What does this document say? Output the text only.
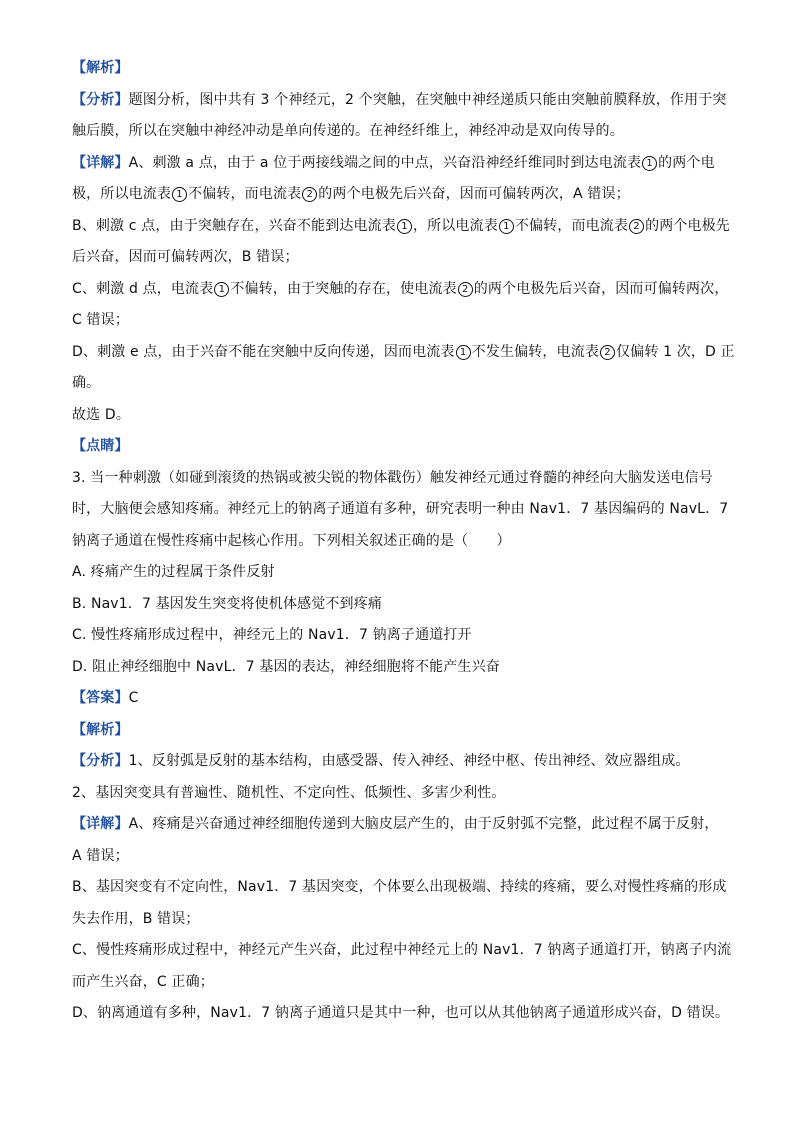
【解析】
【分析】题图分析，图中共有 3 个神经元，2 个突触，在突触中神经递质只能由突触前膜释放，作用于突
触后膜，所以在突触中神经冲动是单向传递的。在神经纤维上，神经冲动是双向传导的。
【详解】A、刺激 a 点，由于 a 位于两接线端之间的中点，兴奋沿神经纤维同时到达电流表 1 的两个电
极，所以电流表 1 不偏转，而电流表 2 的两个电极先后兴奋，因而可偏转两次，A 错误；
B、刺激 c 点，由于突触存在，兴奋不能到达电流表 1 ，所以电流表 1 不偏转，而电流表 2 的两个电极先
后兴奋，因而可偏转两次，B 错误；
C、刺激 d 点，电流表 1 不偏转，由于突触的存在，使电流表 2 的两个电极先后兴奋，因而可偏转两次，
C 错误；
D、刺激 e 点，由于兴奋不能在突触中反向传递，因而电流表 1 不发生偏转，电流表 2 仅偏转 1 次，D 正
确。
故选 D。
【点睛】
3. 当一种刺激（如碰到滚烫的热锅或被尖锐的物体戳伤）触发神经元通过脊髓的神经向大脑发送电信号
时，大脑便会感知疼痛。神经元上的钠离子通道有多种，研究表明一种由 Nav1．7 基因编码的 NavL．7
钠离子通道在慢性疼痛中起核心作用。下列相关叙述正确的是（　　）
A. 疼痛产生的过程属于条件反射
B. Nav1．7 基因发生突变将使机体感觉不到疼痛
C. 慢性疼痛形成过程中，神经元上的 Nav1．7 钠离子通道打开
D. 阻止神经细胞中 NavL．7 基因的表达，神经细胞将不能产生兴奋
【答案】C
【解析】
【分析】1、反射弧是反射的基本结构，由感受器、传入神经、神经中枢、传出神经、效应器组成。
2、基因突变具有普遍性、随机性、不定向性、低频性、多害少利性。
【详解】A、疼痛是兴奋通过神经细胞传递到大脑皮层产生的，由于反射弧不完整，此过程不属于反射，
A 错误；
B、基因突变有不定向性，Nav1．7 基因突变，个体要么出现极端、持续的疼痛，要么对慢性疼痛的形成
失去作用，B 错误；
C、慢性疼痛形成过程中，神经元产生兴奋，此过程中神经元上的 Nav1．7 钠离子通道打开，钠离子内流
而产生兴奋，C 正确；
D、钠离通道有多种，Nav1．7 钠离子通道只是其中一种，也可以从其他钠离子通道形成兴奋，D 错误。
